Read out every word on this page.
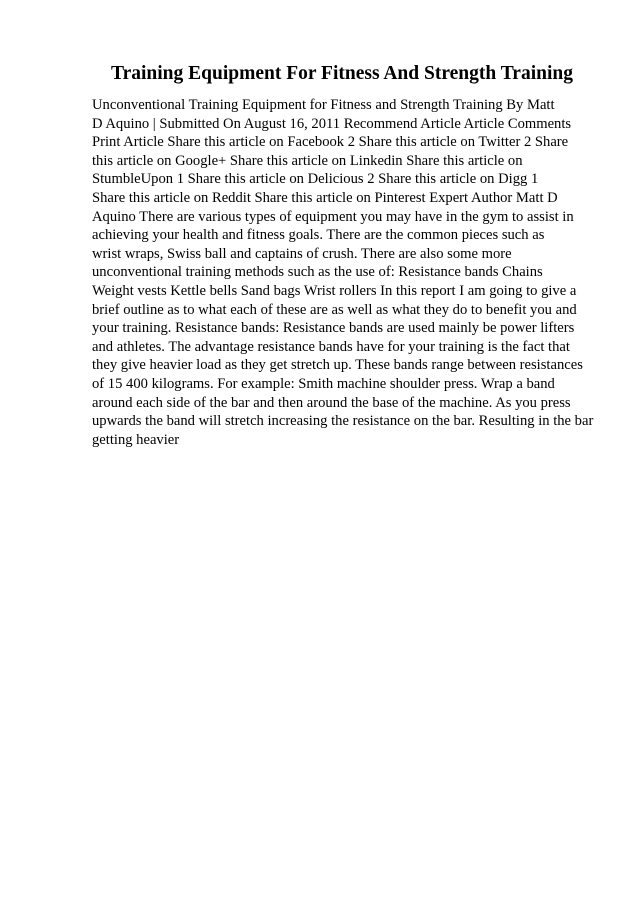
Training Equipment For Fitness And Strength Training
Unconventional Training Equipment for Fitness and Strength Training By Matt
D Aquino | Submitted On August 16, 2011 Recommend Article Article Comments
Print Article Share this article on Facebook 2 Share this article on Twitter 2 Share
this article on Google+ Share this article on Linkedin Share this article on
StumbleUpon 1 Share this article on Delicious 2 Share this article on Digg 1
Share this article on Reddit Share this article on Pinterest Expert Author Matt D
Aquino There are various types of equipment you may have in the gym to assist in
achieving your health and fitness goals. There are the common pieces such as
wrist wraps, Swiss ball and captains of crush. There are also some more
unconventional training methods such as the use of: Resistance bands Chains
Weight vests Kettle bells Sand bags Wrist rollers In this report I am going to give a
brief outline as to what each of these are as well as what they do to benefit you and
your training. Resistance bands: Resistance bands are used mainly be power lifters
and athletes. The advantage resistance bands have for your training is the fact that
they give heavier load as they get stretch up. These bands range between resistances
of 15 400 kilograms. For example: Smith machine shoulder press. Wrap a band
around each side of the bar and then around the base of the machine. As you press
upwards the band will stretch increasing the resistance on the bar. Resulting in the bar
getting heavier
